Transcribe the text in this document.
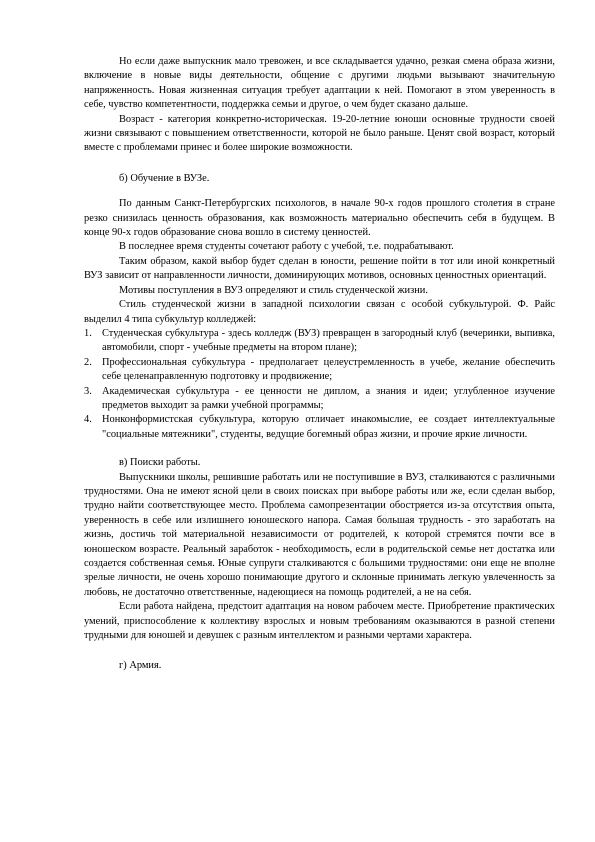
Но если даже выпускник мало тревожен, и все складывается удачно, резкая смена образа жизни, включение в новые виды деятельности, общение с другими людьми вызывают значительную напряженность. Новая жизненная ситуация требует адаптации к ней. Помогают в этом уверенность в себе, чувство компетентности, поддержка семьи и другое, о чем будет сказано дальше.

Возраст - категория конкретно-историческая. 19-20-летние юноши основные трудности своей жизни связывают с повышением ответственности, которой не было раньше. Ценят свой возраст, который вместе с проблемами принес и более широкие возможности.

б) Обучение в ВУЗе.

По данным Санкт-Петербургских психологов, в начале 90-х годов прошлого столетия в стране резко снизилась ценность образования, как возможность материально обеспечить себя в будущем. В конце 90-х годов образование снова вошло в систему ценностей.

В последнее время студенты сочетают работу с учебой, т.е. подрабатывают.

Таким образом, какой выбор будет сделан в юности, решение пойти в тот или иной конкретный ВУЗ зависит от направленности личности, доминирующих мотивов, основных ценностных ориентаций.

Мотивы поступления в ВУЗ определяют и стиль студенческой жизни.

Стиль студенческой жизни в западной психологии связан с особой субкультурой. Ф. Райс выделил 4 типа субкультур колледжей:

1. Студенческая субкультура - здесь колледж (ВУЗ) превращен в загородный клуб (вечеринки, выпивка, автомобили, спорт - учебные предметы на втором плане);
2. Профессиональная субкультура - предполагает целеустремленность в учебе, желание обеспечить себе целенаправленную подготовку и продвижение;
3. Академическая субкультура - ее ценности не диплом, а знания и идеи; углубленное изучение предметов выходит за рамки учебной программы;
4. Нонконформистская субкультура, которую отличает инакомыслие, ее создает интеллектуальные "социальные мятежники", студенты, ведущие богемный образ жизни, и прочие яркие личности.

в) Поиски работы.

Выпускники школы, решившие работать или не поступившие в ВУЗ, сталкиваются с различными трудностями. Она не имеют ясной цели в своих поисках при выборе работы или же, если сделан выбор, трудно найти соответствующее место. Проблема самопрезентации обостряется из-за отсутствия опыта, уверенность в себе или излишнего юношеского напора. Самая большая трудность - это заработать на жизнь, достичь той материальной независимости от родителей, к которой стремятся почти все в юношеском возрасте. Реальный заработок - необходимость, если в родительской семье нет достатка или создается собственная семья. Юные супруги сталкиваются с большими трудностями: они еще не вполне зрелые личности, не очень хорошо понимающие другого и склонные принимать легкую увлеченность за любовь, не достаточно ответственные, надеющиеся на помощь родителей, а не на себя.

Если работа найдена, предстоит адаптация на новом рабочем месте. Приобретение практических умений, приспособление к коллективу взрослых и новым требованиям оказываются в разной степени трудными для юношей и девушек с разным интеллектом и разными чертами характера.

г) Армия.
